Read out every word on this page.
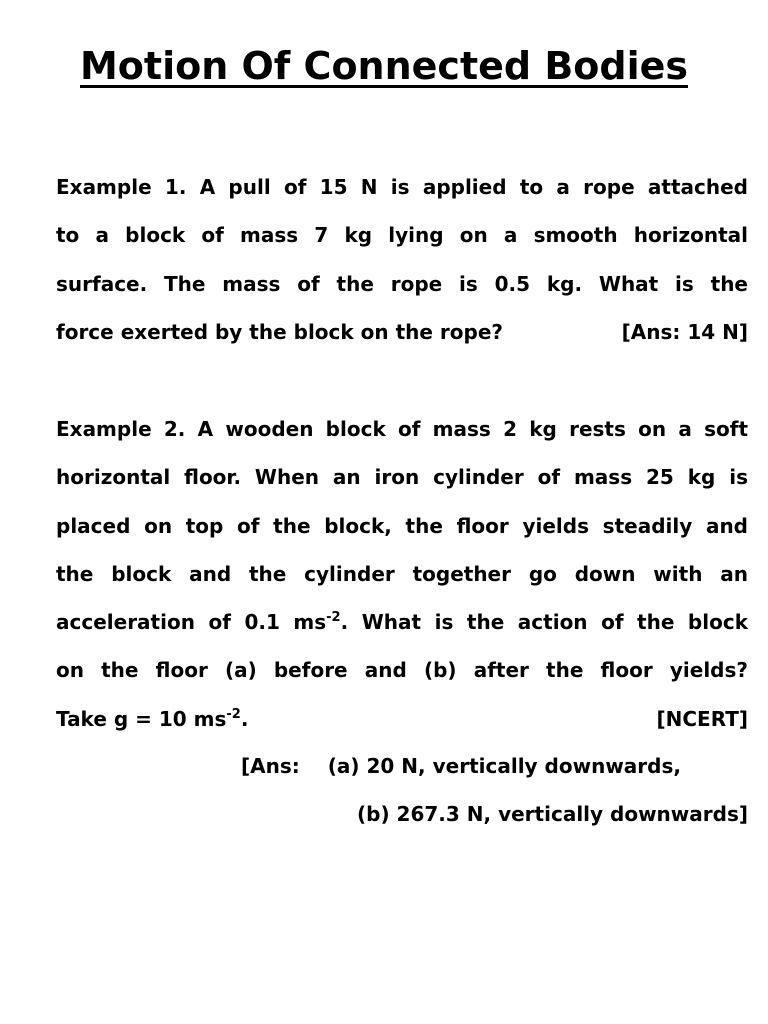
Motion Of Connected Bodies
Example 1. A pull of 15 N is applied to a rope attached
to a block of mass 7 kg lying on a smooth horizontal
surface. The mass of the rope is 0.5 kg. What is the
force exerted by the block on the rope?	[Ans: 14 N]
Example 2. A wooden block of mass 2 kg rests on a soft
horizontal floor. When an iron cylinder of mass 25 kg is
placed on top of the block, the floor yields steadily and
the block and the cylinder together go down with an
acceleration of 0.1 $ms^{-2}$. What is the action of the block
on the floor (a) before and (b) after the floor yields?
Take g = 10 $ms^{-2}$.	[NCERT]
[Ans: (a) 20 N, vertically downwards,
(b) 267.3 N, vertically downwards]
